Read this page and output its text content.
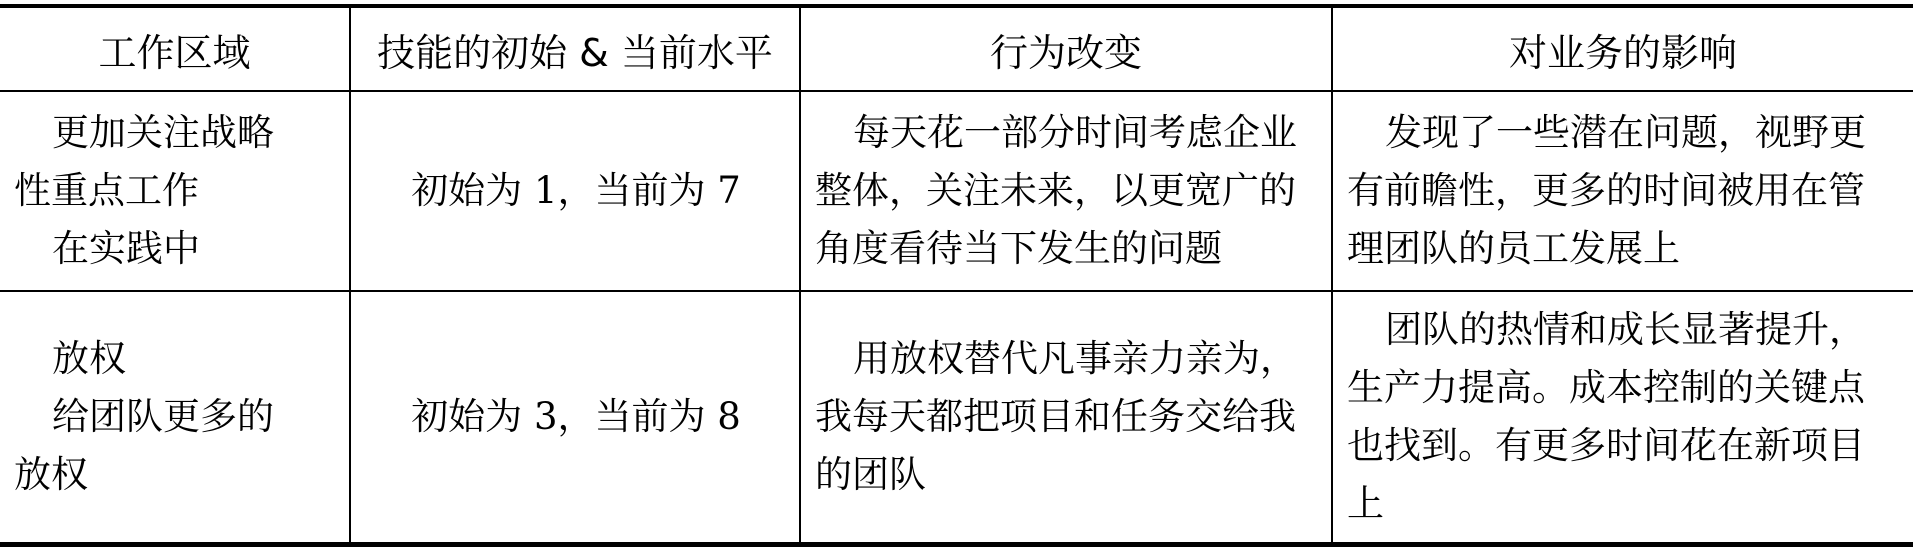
工作区域	技能的初始 & 当前水平	行为改变	对业务的影响

更加关注战略
性重点工作
在实践中	初始为 1，当前为 7	每天花一部分时间考虑企业整体，关注未来，以更宽广的角度看待当下发生的问题	发现了一些潜在问题，视野更有前瞻性，更多的时间被用在管理团队的员工发展上

放权
给团队更多的
放权	初始为 3，当前为 8	用放权替代凡事亲力亲为，我每天都把项目和任务交给我的团队	团队的热情和成长显著提升，生产力提高。成本控制的关键点也找到。有更多时间花在新项目上
